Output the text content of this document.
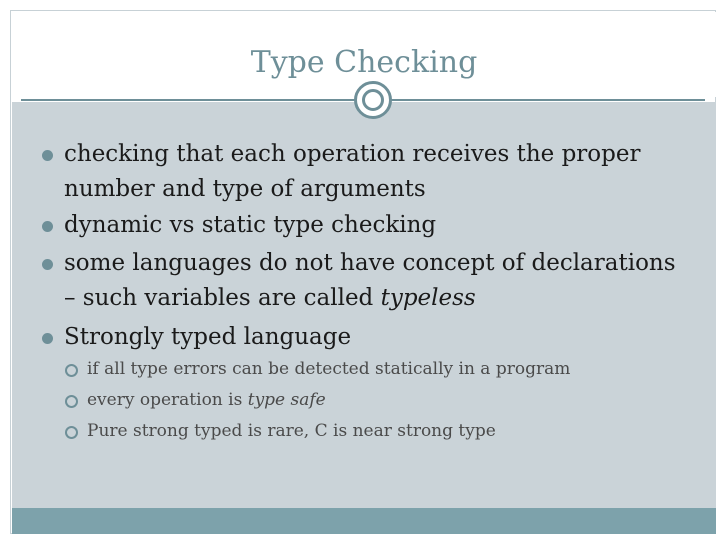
Type Checking
checking that each operation receives the proper number and type of arguments
dynamic vs static type checking
some languages do not have concept of declarations – such variables are called typeless
Strongly typed language
if all type errors can be detected statically in a program
every operation is type safe
Pure strong typed is rare, C is near strong type
